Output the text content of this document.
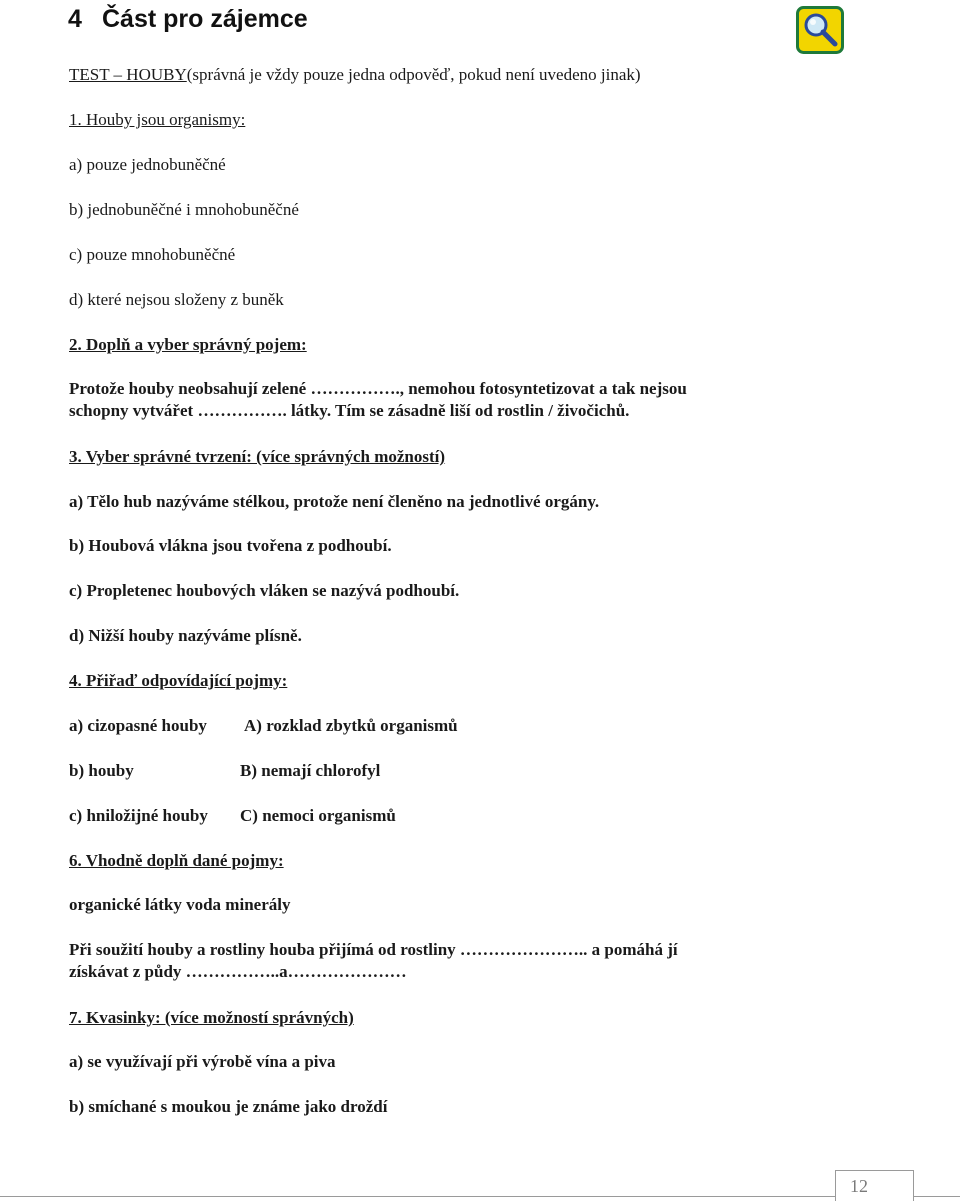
4 Část pro zájemce
TEST – HOUBY(správná je vždy pouze jedna odpověď, pokud není uvedeno jinak)
1. Houby jsou organismy:
a) pouze jednobuněčné
b) jednobuněčné i mnohobuněčné
c) pouze mnohobuněčné
d) které nejsou složeny z buněk
2. Doplň a vyber správný pojem:
Protože houby neobsahují zelené ……………., nemohou fotosyntetizovat a tak nejsou
schopny vytvářet ……………. látky. Tím se zásadně liší od rostlin / živočichů.
3. Vyber správné tvrzení: (více správných možností)
a) Tělo hub nazýváme stélkou, protože není členěno na jednotlivé orgány.
b) Houbová vlákna jsou tvořena z podhoubí.
c) Propletenec houbových vláken se nazývá podhoubí.
d) Nižší houby nazýváme plísně.
4. Přiřaď odpovídající pojmy:
a) cizopasné houby A) rozklad zbytků organismů
b) houby	B) nemají chlorofyl
c) hniložijné houby C) nemoci organismů
6. Vhodně doplň dané pojmy:
organické látky voda minerály
Při soužití houby a rostliny houba přijímá od rostliny ………………….. a pomáhá jí
získávat z půdy ……………..a…………………
7. Kvasinky: (více možností správných)
a) se využívají při výrobě vína a piva
b) smíchané s moukou je známe jako droždí
12
